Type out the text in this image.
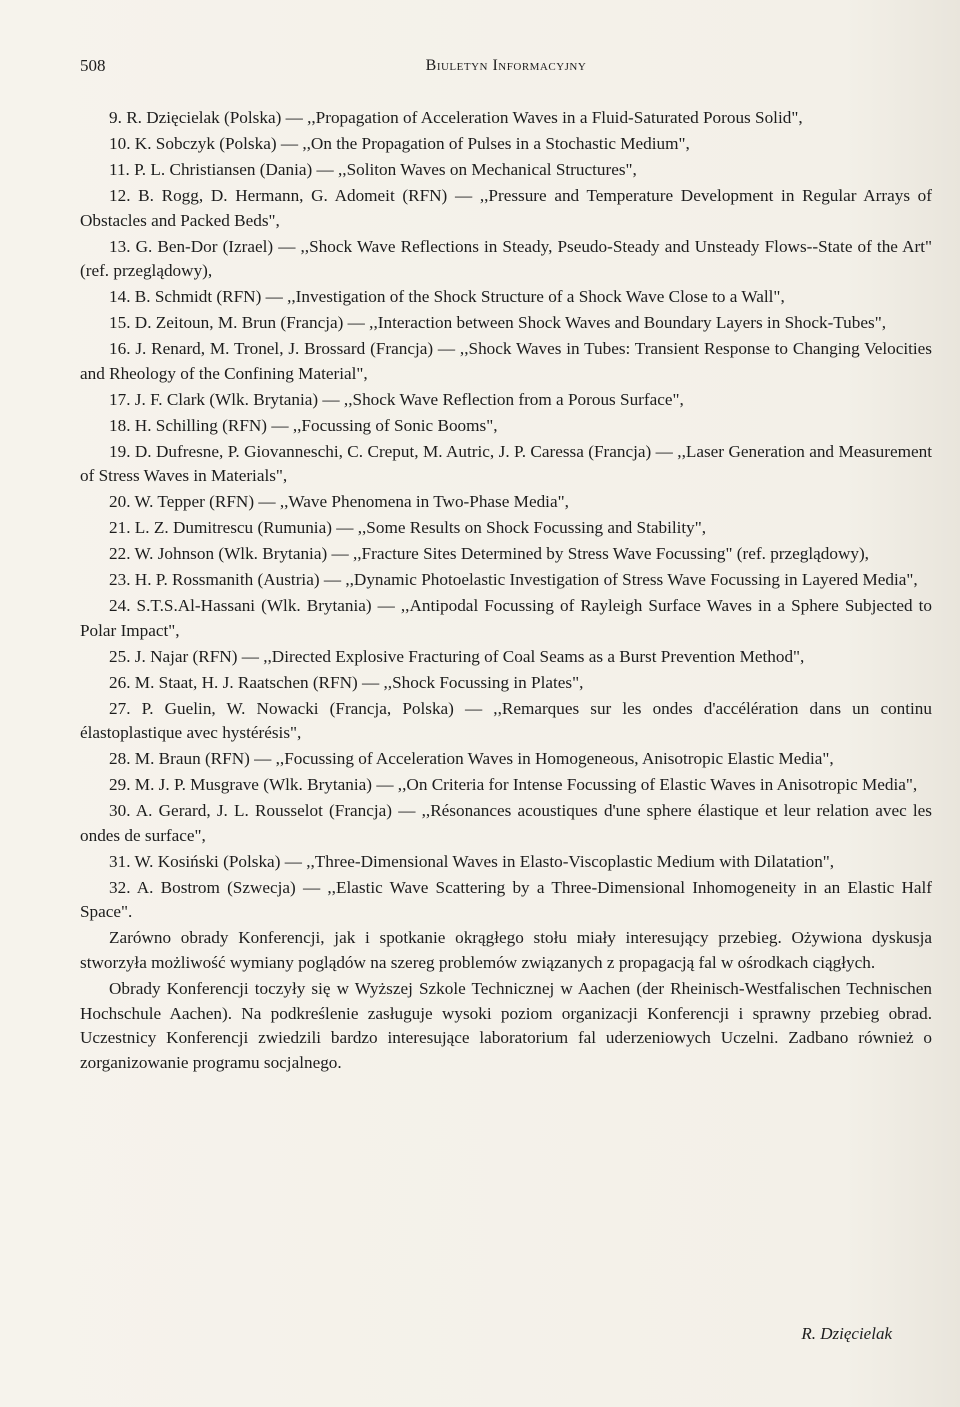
508	Biuletyn Informacyjny

9. R. Dzięcielak (Polska) — ,,Propagation of Acceleration Waves in a Fluid-Saturated Porous Solid",

10. K. Sobczyk (Polska) — ,,On the Propagation of Pulses in a Stochastic Medium",

11. P. L. Christiansen (Dania) — ,,Soliton Waves on Mechanical Structures",

12. B. Rogg, D. Hermann, G. Adomeit (RFN) — ,,Pressure and Temperature Development in Regular Arrays of Obstacles and Packed Beds",

13. G. Ben-Dor (Izrael) — ,,Shock Wave Reflections in Steady, Pseudo-Steady and Unsteady Flows--State of the Art" (ref. przeglądowy),

14. B. Schmidt (RFN) — ,,Investigation of the Shock Structure of a Shock Wave Close to a Wall",

15. D. Zeitoun, M. Brun (Francja) — ,,Interaction between Shock Waves and Boundary Layers in Shock-Tubes",

16. J. Renard, M. Tronel, J. Brossard (Francja) — ,,Shock Waves in Tubes: Transient Response to Changing Velocities and Rheology of the Confining Material",

17. J. F. Clark (Wlk. Brytania) — ,,Shock Wave Reflection from a Porous Surface",

18. H. Schilling (RFN) — ,,Focussing of Sonic Booms",

19. D. Dufresne, P. Giovanneschi, C. Creput, M. Autric, J. P. Caressa (Francja) — ,,Laser Generation and Measurement of Stress Waves in Materials",

20. W. Tepper (RFN) — ,,Wave Phenomena in Two-Phase Media",

21. L. Z. Dumitrescu (Rumunia) — ,,Some Results on Shock Focussing and Stability",

22. W. Johnson (Wlk. Brytania) — ,,Fracture Sites Determined by Stress Wave Focussing" (ref. przeglądowy),

23. H. P. Rossmanith (Austria) — ,,Dynamic Photoelastic Investigation of Stress Wave Focussing in Layered Media",

24. S.T.S.Al-Hassani (Wlk. Brytania) — ,,Antipodal Focussing of Rayleigh Surface Waves in a Sphere Subjected to Polar Impact",

25. J. Najar (RFN) — ,,Directed Explosive Fracturing of Coal Seams as a Burst Prevention Method",

26. M. Staat, H. J. Raatschen (RFN) — ,,Shock Focussing in Plates",

27. P. Guelin, W. Nowacki (Francja, Polska) — ,,Remarques sur les ondes d'accélération dans un continu élastoplastique avec hystérésis",

28. M. Braun (RFN) — ,,Focussing of Acceleration Waves in Homogeneous, Anisotropic Elastic Media",

29. M. J. P. Musgrave (Wlk. Brytania) — ,,On Criteria for Intense Focussing of Elastic Waves in Anisotropic Media",

30. A. Gerard, J. L. Rousselot (Francja) — ,,Résonances acoustiques d'une sphere élastique et leur relation avec les ondes de surface",

31. W. Kosiński (Polska) — ,,Three-Dimensional Waves in Elasto-Viscoplastic Medium with Dilatation",

32. A. Bostrom (Szwecja) — ,,Elastic Wave Scattering by a Three-Dimensional Inhomogeneity in an Elastic Half Space".

Zarówno obrady Konferencji, jak i spotkanie okrągłego stołu miały interesujący przebieg. Ożywiona dyskusja stworzyła możliwość wymiany poglądów na szereg problemów związanych z propagacją fal w ośrodkach ciągłych.

Obrady Konferencji toczyły się w Wyższej Szkole Technicznej w Aachen (der Rheinisch-Westfalischen Technischen Hochschule Aachen). Na podkreślenie zasługuje wysoki poziom organizacji Konferencji i sprawny przebieg obrad. Uczestnicy Konferencji zwiedzili bardzo interesujące laboratorium fal uderzeniowych Uczelni. Zadbano również o zorganizowanie programu socjalnego.

R. Dzięcielak
